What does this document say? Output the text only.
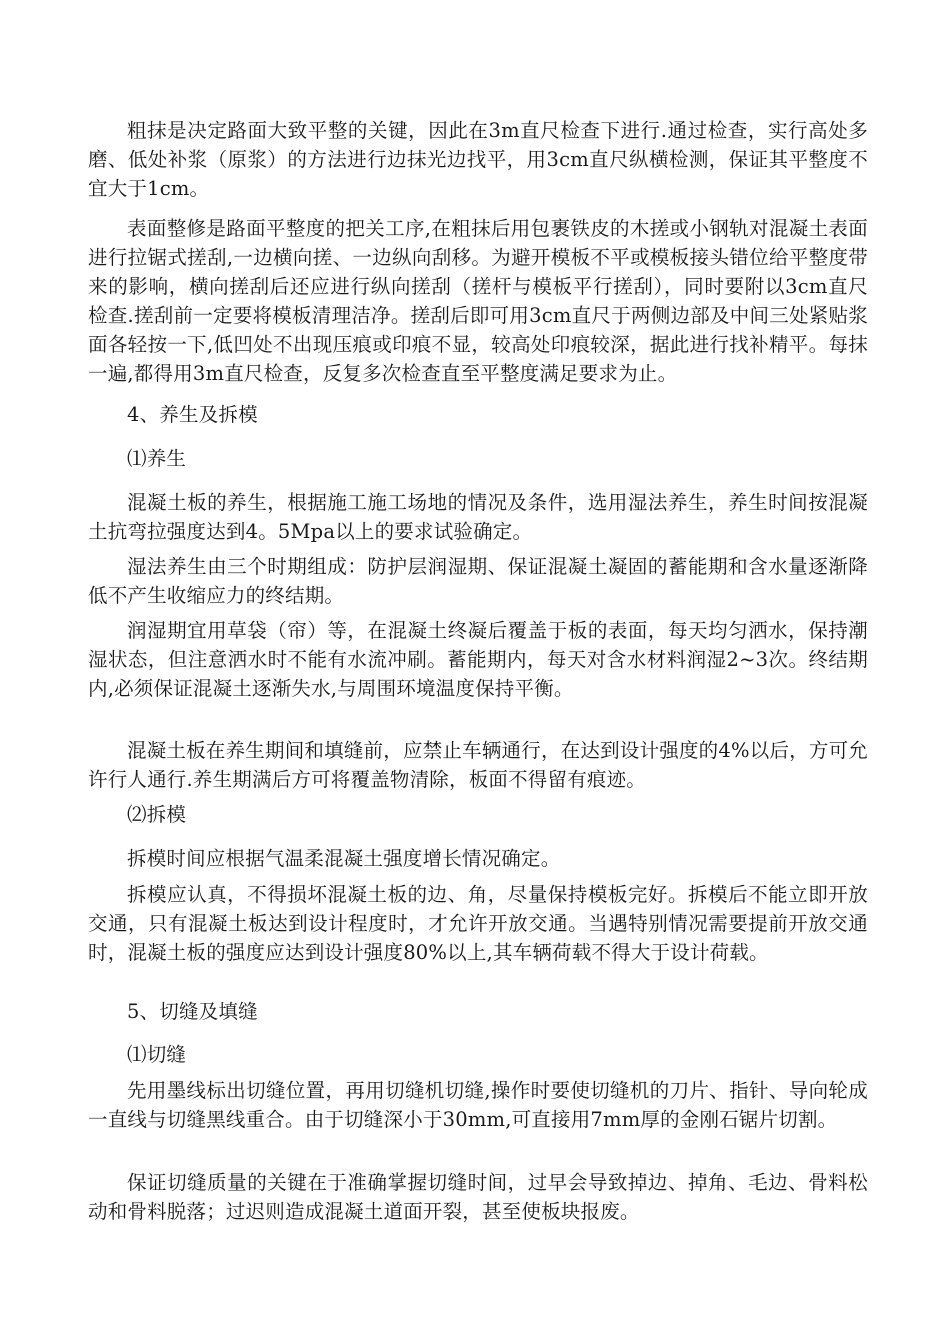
粗抹是决定路面大致平整的关键，因此在3m直尺检查下进行.通过检查，实行高处多磨、低处补浆（原浆）的方法进行边抹光边找平，用3cm直尺纵横检测，保证其平整度不宜大于1cm。

表面整修是路面平整度的把关工序,在粗抹后用包裹铁皮的木搓或小钢轨对混凝土表面进行拉锯式搓刮,一边横向搓、一边纵向刮移。为避开模板不平或模板接头错位给平整度带来的影响，横向搓刮后还应进行纵向搓刮（搓杆与模板平行搓刮），同时要附以3cm直尺检查.搓刮前一定要将模板清理洁净。搓刮后即可用3cm直尺于两侧边部及中间三处紧贴浆面各轻按一下,低凹处不出现压痕或印痕不显，较高处印痕较深，据此进行找补精平。每抹一遍,都得用3m直尺检查，反复多次检查直至平整度满足要求为止。

4、养生及拆模

⑴养生

混凝土板的养生，根据施工施工场地的情况及条件，选用湿法养生，养生时间按混凝土抗弯拉强度达到4。5Mpa以上的要求试验确定。

湿法养生由三个时期组成：防护层润湿期、保证混凝土凝固的蓄能期和含水量逐渐降低不产生收缩应力的终结期。

润湿期宜用草袋（帘）等，在混凝土终凝后覆盖于板的表面，每天均匀洒水，保持潮湿状态，但注意洒水时不能有水流冲刷。蓄能期内，每天对含水材料润湿2~3次。终结期内,必须保证混凝土逐渐失水,与周围环境温度保持平衡。

混凝土板在养生期间和填缝前，应禁止车辆通行，在达到设计强度的4%以后，方可允许行人通行.养生期满后方可将覆盖物清除，板面不得留有痕迹。

⑵拆模

拆模时间应根据气温柔混凝土强度增长情况确定。

拆模应认真，不得损坏混凝土板的边、角，尽量保持模板完好。拆模后不能立即开放交通，只有混凝土板达到设计程度时，才允许开放交通。当遇特别情况需要提前开放交通时，混凝土板的强度应达到设计强度80%以上,其车辆荷载不得大于设计荷载。

5、切缝及填缝

⑴切缝

先用墨线标出切缝位置，再用切缝机切缝,操作时要使切缝机的刀片、指针、导向轮成一直线与切缝黑线重合。由于切缝深小于30mm,可直接用7mm厚的金刚石锯片切割。

保证切缝质量的关键在于准确掌握切缝时间，过早会导致掉边、掉角、毛边、骨料松动和骨料脱落；过迟则造成混凝土道面开裂，甚至使板块报废。
